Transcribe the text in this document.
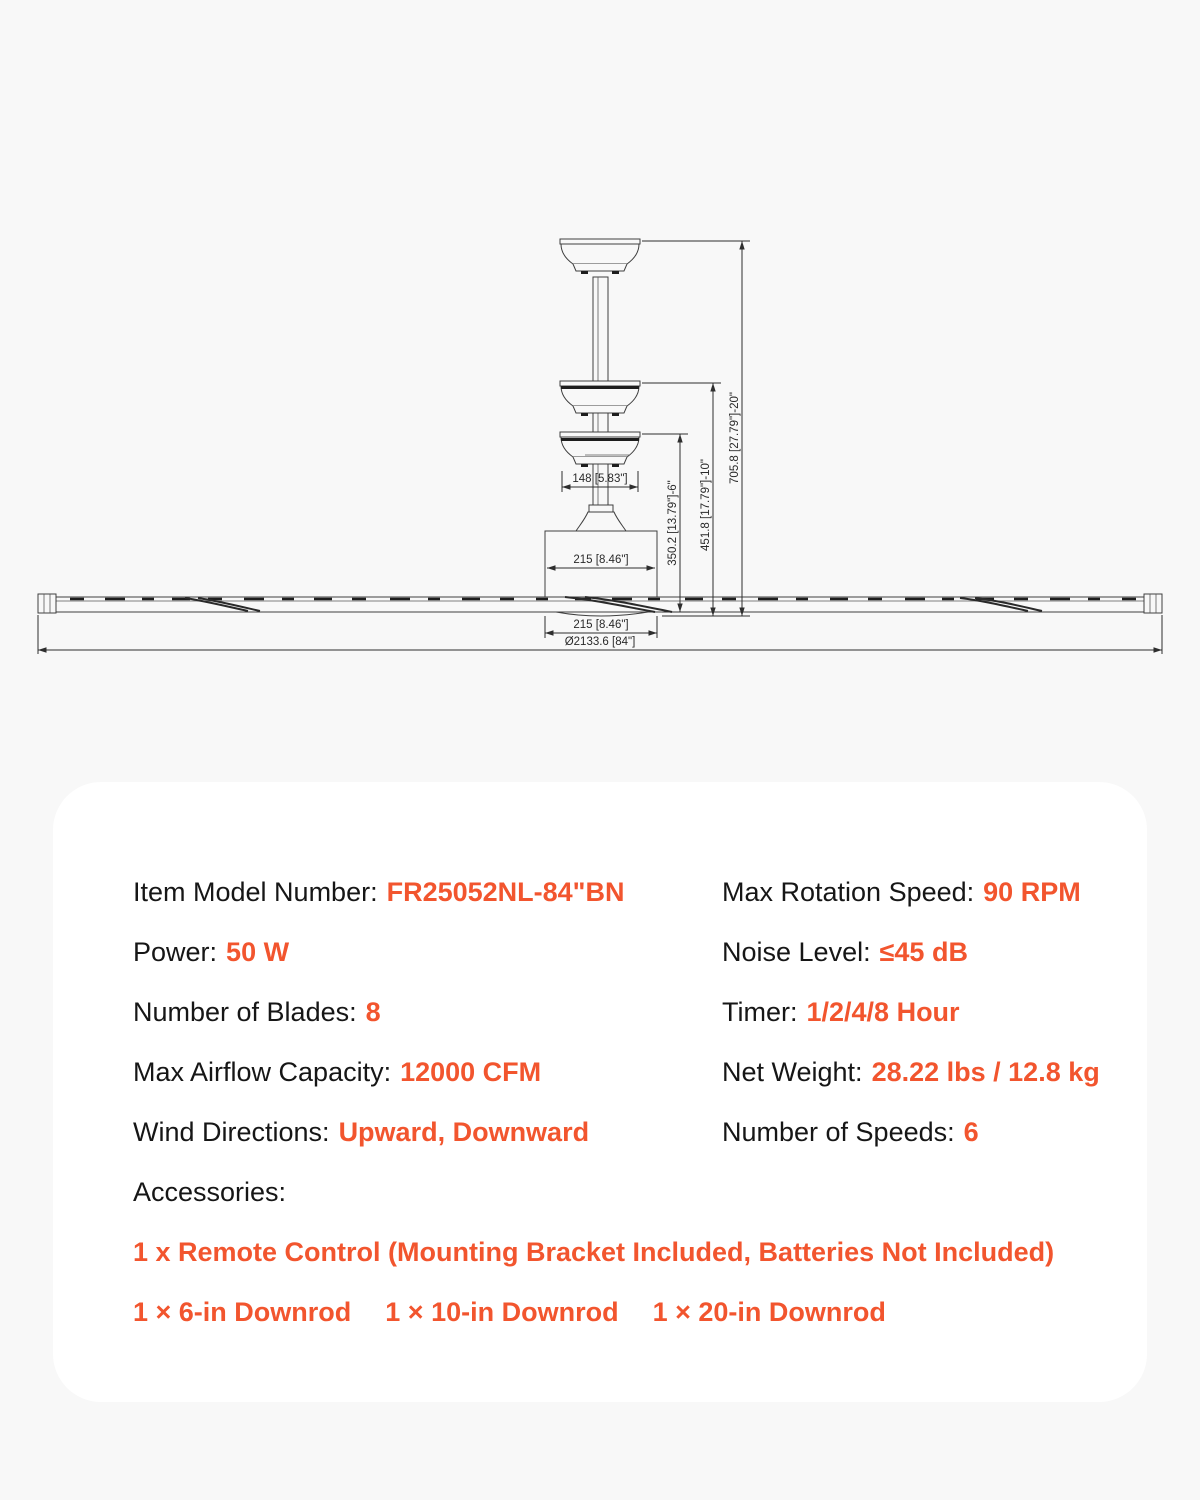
148 [5.83"]
215 [8.46"]
215 [8.46"]
Ø2133.6 [84"]
350.2 [13.79"]-6" 451.8 [17.79"]-10"
705.8 [27.79"]-20"

Item Model Number: FR25052NL-84"BN

Power: 50 W

Number of Blades: 8

Max Airflow Capacity: 12000 CFM

Wind Directions: Upward, Downward

Accessories:

1 x Remote Control (Mounting Bracket Included, Batteries Not Included)

1 × 6-in Downrod 1 × 10-in Downrod 1 × 20-in Downrod

Max Rotation Speed: 90 RPM

Noise Level: ≤45 dB

Timer: 1/2/4/8 Hour

Net Weight: 28.22 lbs / 12.8 kg

Number of Speeds: 6
